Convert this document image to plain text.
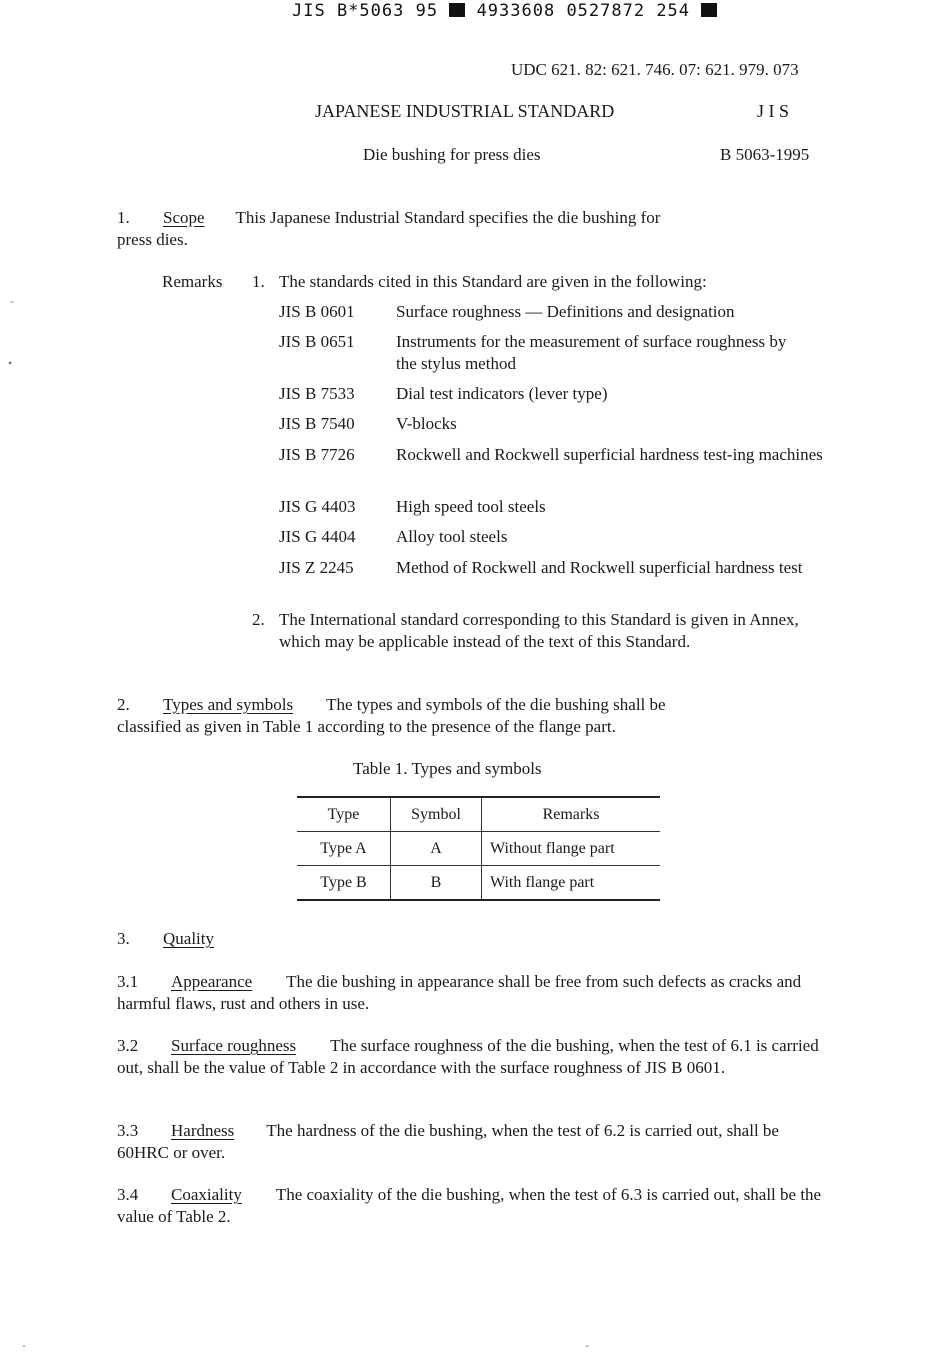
JIS B*5063 95 4933608 0527872 254
UDC 621. 82: 621. 746. 07: 621. 979. 073
JAPANESE INDUSTRIAL STANDARD	J I S
Die bushing for press dies	B 5063-1995
1. Scope This Japanese Industrial Standard specifies the die bushing for
press dies.
Remarks 1. The standards cited in this Standard are given in the following:
JIS B 0601	Surface roughness — Definitions and designation
JIS B 0651	Instruments for the measurement of surface roughness by the stylus method
JIS B 7533	Dial test indicators (lever type)
JIS B 7540	V-blocks
JIS B 7726	Rockwell and Rockwell superficial hardness test-ing machines
JIS G 4403	High speed tool steels
JIS G 4404	Alloy tool steels
JIS Z 2245	Method of Rockwell and Rockwell superficial hardness test
2. The International standard corresponding to this Standard is given in Annex, which may be applicable instead of the text of this Standard.
2. Types and symbols The types and symbols of the die bushing shall be
classified as given in Table 1 according to the presence of the flange part.
Table 1. Types and symbols
Type	Symbol	Remarks
Type A	A	Without flange part
Type B	B	With flange part
3. Quality
3.1 Appearance The die bushing in appearance shall be free from such defects as cracks and harmful flaws, rust and others in use.
3.2 Surface roughness The surface roughness of the die bushing, when the test of 6.1 is carried out, shall be the value of Table 2 in accordance with the surface roughness of JIS B 0601.
3.3 Hardness The hardness of the die bushing, when the test of 6.2 is carried out, shall be 60HRC or over.
3.4 Coaxiality The coaxiality of the die bushing, when the test of 6.3 is carried out, shall be the value of Table 2.
-
•
-	-
